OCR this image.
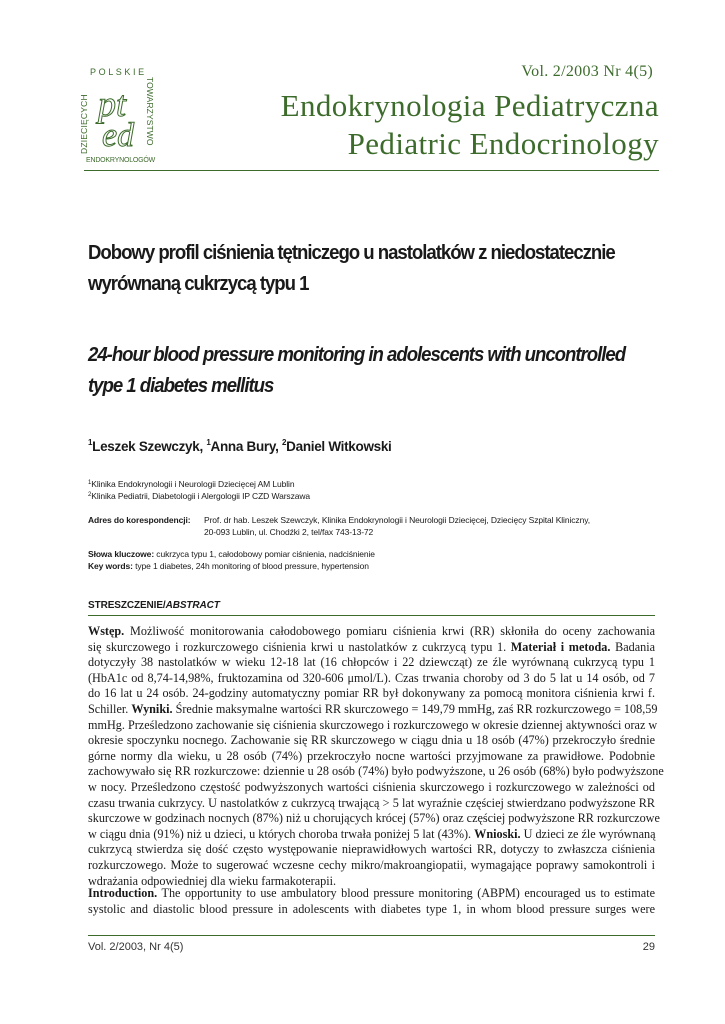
POLSKIE
DZIECIĘCYCH	TOWARZYSTWO
pt
ed
ENDOKRYNOLOGÓW
Vol. 2/2003 Nr 4(5)
Endokrynologia Pediatryczna
Pediatric Endocrinology
Dobowy profil ciśnienia tętniczego u nastolatków z niedostatecznie wyrównaną cukrzycą typu 1
24-hour blood pressure monitoring in adolescents with uncontrolled type 1 diabetes mellitus
$^1$Leszek Szewczyk, $^1$Anna Bury, $^2$Daniel Witkowski
$^1$Klinika Endokrynologii i Neurologii Dziecięcej AM Lublin
$^2$Klinika Pediatrii, Diabetologii i Alergologii IP CZD Warszawa
Adres do korespondencji: Prof. dr hab. Leszek Szewczyk, Klinika Endokrynologii i Neurologii Dziecięcej, Dziecięcy Szpital Kliniczny,
20-093 Lublin, ul. Chodźki 2, tel/fax 743-13-72
Słowa kluczowe: cukrzyca typu 1, całodobowy pomiar ciśnienia, nadciśnienie
Key words: type 1 diabetes, 24h monitoring of blood pressure, hypertension
STRESZCZENIE/ABSTRACT
Wstęp. Możliwość monitorowania całodobowego pomiaru ciśnienia krwi (RR) skłoniła do oceny zachowania
się skurczowego i rozkurczowego ciśnienia krwi u nastolatków z cukrzycą typu 1. Materiał i metoda. Badania
dotyczyły 38 nastolatków w wieku 12-18 lat (16 chłopców i 22 dziewcząt) ze źle wyrównaną cukrzycą typu 1
(HbA1c od 8,74-14,98%, fruktozamina od 320-606 μmol/L). Czas trwania choroby od 3 do 5 lat u 14 osób, od 7
do 16 lat u 24 osób. 24-godziny automatyczny pomiar RR był dokonywany za pomocą monitora ciśnienia krwi f.
Schiller. Wyniki. Średnie maksymalne wartości RR skurczowego = 149,79 mmHg, zaś RR rozkurczowego = 108,59
mmHg. Prześledzono zachowanie się ciśnienia skurczowego i rozkurczowego w okresie dziennej aktywności oraz w
okresie spoczynku nocnego. Zachowanie się RR skurczowego w ciągu dnia u 18 osób (47%) przekroczyło średnie
górne normy dla wieku, u 28 osób (74%) przekroczyło nocne wartości przyjmowane za prawidłowe. Podobnie
zachowywało się RR rozkurczowe: dziennie u 28 osób (74%) było podwyższone, u 26 osób (68%) było podwyższone
w nocy. Prześledzono częstość podwyższonych wartości ciśnienia skurczowego i rozkurczowego w zależności od
czasu trwania cukrzycy. U nastolatków z cukrzycą trwającą > 5 lat wyraźnie częściej stwierdzano podwyższone RR
skurczowe w godzinach nocnych (87%) niż u chorujących krócej (57%) oraz częściej podwyższone RR rozkurczowe
w ciągu dnia (91%) niż u dzieci, u których choroba trwała poniżej 5 lat (43%). Wnioski. U dzieci ze źle wyrównaną
cukrzycą stwierdza się dość często występowanie nieprawidłowych wartości RR, dotyczy to zwłaszcza ciśnienia
rozkurczowego. Może to sugerować wczesne cechy mikro/makroangiopatii, wymagające poprawy samokontroli i
wdrażania odpowiedniej dla wieku farmakoterapii.
Introduction. The opportunity to use ambulatory blood pressure monitoring (ABPM) encouraged us to estimate
systolic and diastolic blood pressure in adolescents with diabetes type 1, in whom blood pressure surges were
Vol. 2/2003, Nr 4(5)	29
